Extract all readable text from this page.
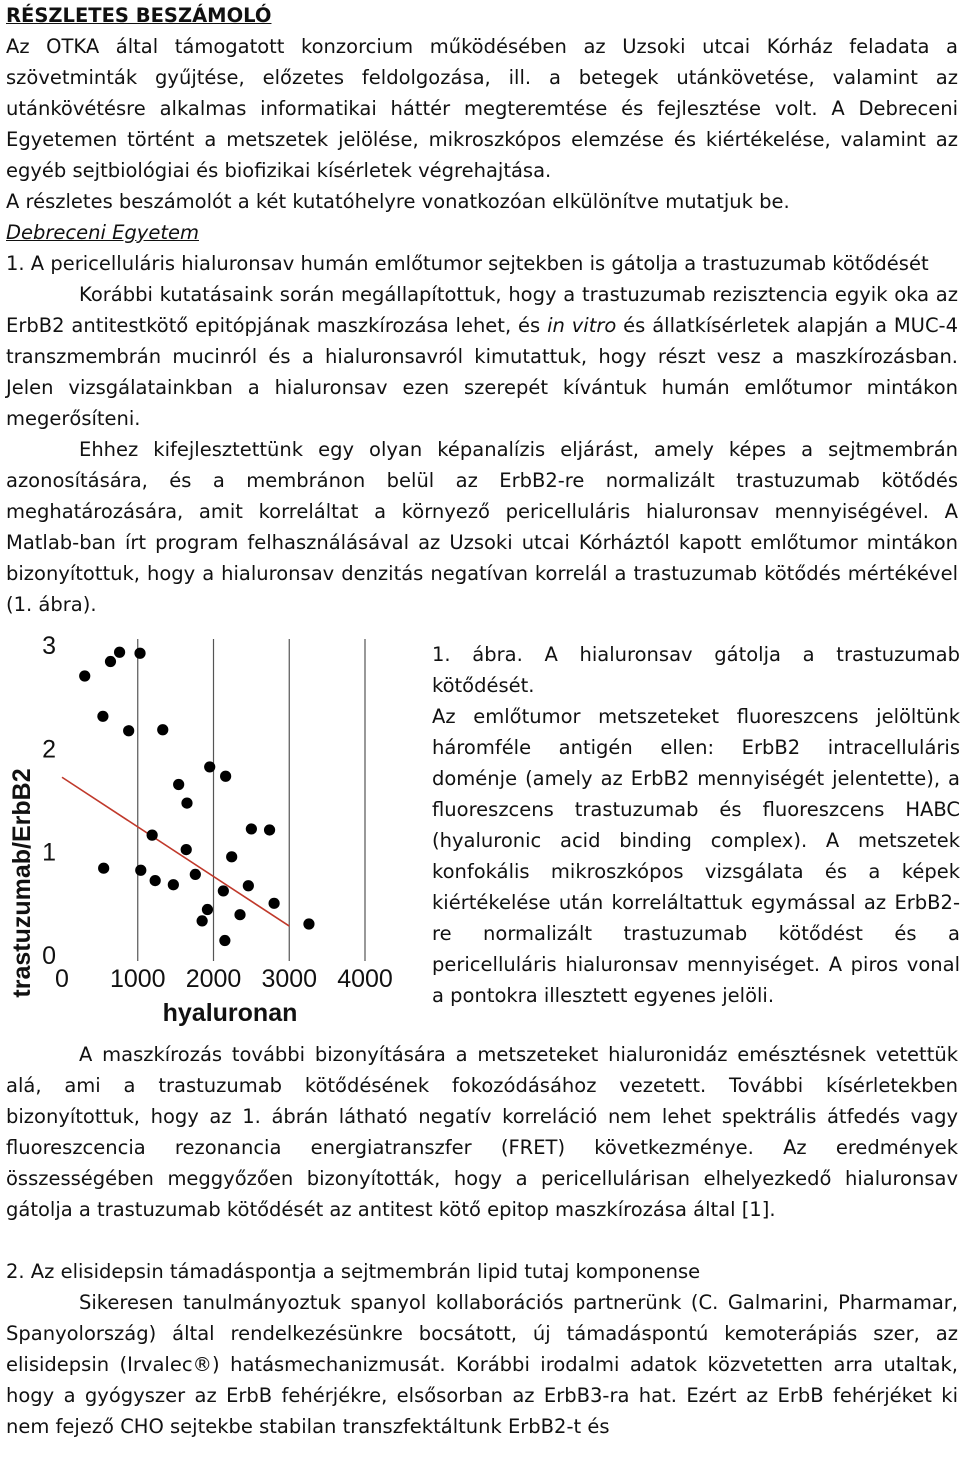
RÉSZLETES BESZÁMOLÓ

Az OTKA által támogatott konzorcium működésében az Uzsoki utcai Kórház feladata a szövetminták gyűjtése, előzetes feldolgozása, ill. a betegek utánkövetése, valamint az utánkövétésre alkalmas informatikai háttér megteremtése és fejlesztése volt. A Debreceni Egyetemen történt a metszetek jelölése, mikroszkópos elemzése és kiértékelése, valamint az egyéb sejtbiológiai és biofizikai kísérletek végrehajtása.

A részletes beszámolót a két kutatóhelyre vonatkozóan elkülönítve mutatjuk be.

Debreceni Egyetem

1. A pericelluláris hialuronsav humán emlőtumor sejtekben is gátolja a trastuzumab kötődését

Korábbi kutatásaink során megállapítottuk, hogy a trastuzumab rezisztencia egyik oka az ErbB2 antitestkötő epitópjának maszkírozása lehet, és in vitro és állatkísérletek alapján a MUC-4 transzmembrán mucinról és a hialuronsavról kimutattuk, hogy részt vesz a maszkírozásban. Jelen vizsgálatainkban a hialuronsav ezen szerepét kívántuk humán emlőtumor mintákon megerősíteni.

Ehhez kifejlesztettünk egy olyan képanalízis eljárást, amely képes a sejtmembrán azonosítására, és a membránon belül az ErbB2-re normalizált trastuzumab kötődés meghatározására, amit korreláltat a környező pericelluláris hialuronsav mennyiségével. A Matlab-ban írt program felhasználásával az Uzsoki utcai Kórháztól kapott emlőtumor mintákon bizonyítottuk, hogy a hialuronsav denzitás negatívan korrelál a trastuzumab kötődés mértékével (1. ábra).

0
1
2
3
0 1000 2000 3000 4000
trastuzumab/ErbB2
hyaluronan

1. ábra. A hialuronsav gátolja a trastuzumab kötődését.

Az emlőtumor metszeteket fluoreszcens jelöltünk háromféle antigén ellen: ErbB2 intracelluláris doménje (amely az ErbB2 mennyiségét jelentette), a fluoreszcens trastuzumab és fluoreszcens HABC (hyaluronic acid binding complex). A metszetek konfokális mikroszkópos vizsgálata és a képek kiértékelése után korreláltattuk egymással az ErbB2-re normalizált trastuzumab kötődést és a pericelluláris hialuronsav mennyiséget. A piros vonal a pontokra illesztett egyenes jelöli.

A maszkírozás további bizonyítására a metszeteket hialuronidáz emésztésnek vetettük alá, ami a trastuzumab kötődésének fokozódásához vezetett. További kísérletekben bizonyítottuk, hogy az 1. ábrán látható negatív korreláció nem lehet spektrális átfedés vagy fluoreszcencia rezonancia energiatranszfer (FRET) következménye. Az eredmények összességében meggyőzően bizonyították, hogy a pericellulárisan elhelyezkedő hialuronsav gátolja a trastuzumab kötődését az antitest kötő epitop maszkírozása által [1].

2. Az elisidepsin támadáspontja a sejtmembrán lipid tutaj komponense

Sikeresen tanulmányoztuk spanyol kollaborációs partnerünk (C. Galmarini, Pharmamar, Spanyolország) által rendelkezésünkre bocsátott, új támadáspontú kemoterápiás szer, az elisidepsin (Irvalec®) hatásmechanizmusát. Korábbi irodalmi adatok közvetetten arra utaltak, hogy a gyógyszer az ErbB fehérjékre, elsősorban az ErbB3-ra hat. Ezért az ErbB fehérjéket ki nem fejező CHO sejtekbe stabilan transzfektáltunk ErbB2-t és
